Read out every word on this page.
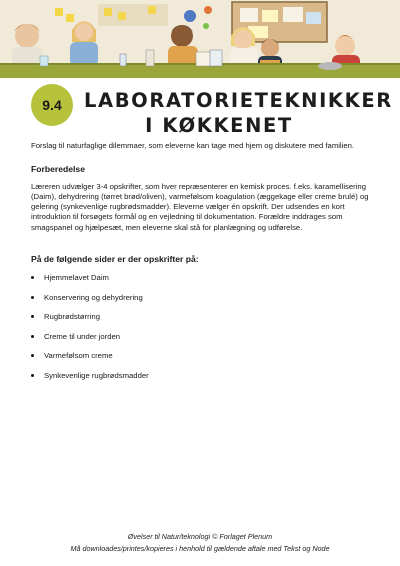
9.4	LABORATORIETEKNIKKER
I KØKKENET

Forslag til naturfaglige dilemmaer, som eleverne kan tage med hjem og diskutere med familien.

Forberedelse

Læreren udvælger 3-4 opskrifter, som hver repræsenterer en kemisk proces. f.eks. karamellisering (Daim), dehydrering (tørret brød/oliven), varmefølsom koagulation (æggekage eller creme brulé) og gelering (synkevenlige rugbrødsmadder). Eleverne vælger én opskrift. Der udsendes en kort introduktion til forsøgets formål og en vejledning til dokumentation. Forældre inddrages som smagspanel og hjælpesæt, men eleverne skal stå for planlægning og udførelse.

På de følgende sider er der opskrifter på:
Hjemmelavet Daim
Konservering og dehydrering
Rugbrødstørring
Creme til under jorden
Varmefølsom creme
Synkevenlige rugbrødsmadder
Øvelser til Natur/teknologi © Forlaget Plenum
Må downloades/printes/kopieres i henhold til gældende aftale med Tekst og Node
